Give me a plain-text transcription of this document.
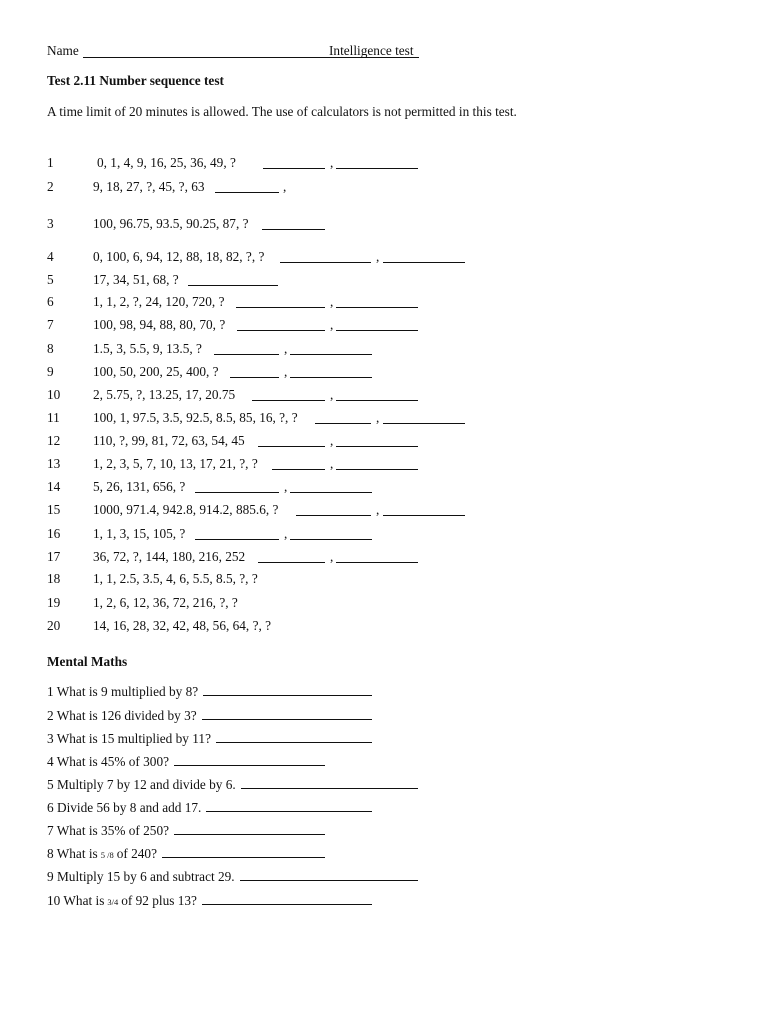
Name	Intelligence test
Test 2.11 Number sequence test
A time limit of 20 minutes is allowed. The use of calculators is not permitted in this test.
1	0, 1, 4, 9, 16, 25, 36, 49, ?	,
2	9, 18, 27, ?, 45, ?, 63	,
3	100, 96.75, 93.5, 90.25, 87, ?
4	0, 100, 6, 94, 12, 88, 18, 82, ?, ?	,
5	17, 34, 51, 68, ?
6	1, 1, 2, ?, 24, 120, 720, ?	,
7	100, 98, 94, 88, 80, 70, ?	,
8	1.5, 3, 5.5, 9, 13.5, ?	,
9	100, 50, 200, 25, 400, ?	,
10 2, 5.75, ?, 13.25, 17, 20.75	,
11 100, 1, 97.5, 3.5, 92.5, 8.5, 85, 16, ?, ?	,
12 110, ?, 99, 81, 72, 63, 54, 45	,
13 1, 2, 3, 5, 7, 10, 13, 17, 21, ?, ?	,
14 5, 26, 131, 656, ?	,
15 1000, 971.4, 942.8, 914.2, 885.6, ?	,
16 1, 1, 3, 15, 105, ?	,
17 36, 72, ?, 144, 180, 216, 252	,
18 1, 1, 2.5, 3.5, 4, 6, 5.5, 8.5, ?, ?
19 1, 2, 6, 12, 36, 72, 216, ?, ?
20 14, 16, 28, 32, 42, 48, 56, 64, ?, ?
Mental Maths
1 What is 9 multiplied by 8?
2 What is 126 divided by 3?
3 What is 15 multiplied by 11?
4 What is 45% of 300?
5 Multiply 7 by 12 and divide by 6.
6 Divide 56 by 8 and add 17.
7 What is 35% of 250?
8 What is 5 /8 of 240?
9 Multiply 15 by 6 and subtract 29.
10 What is 3/4 of 92 plus 13?
